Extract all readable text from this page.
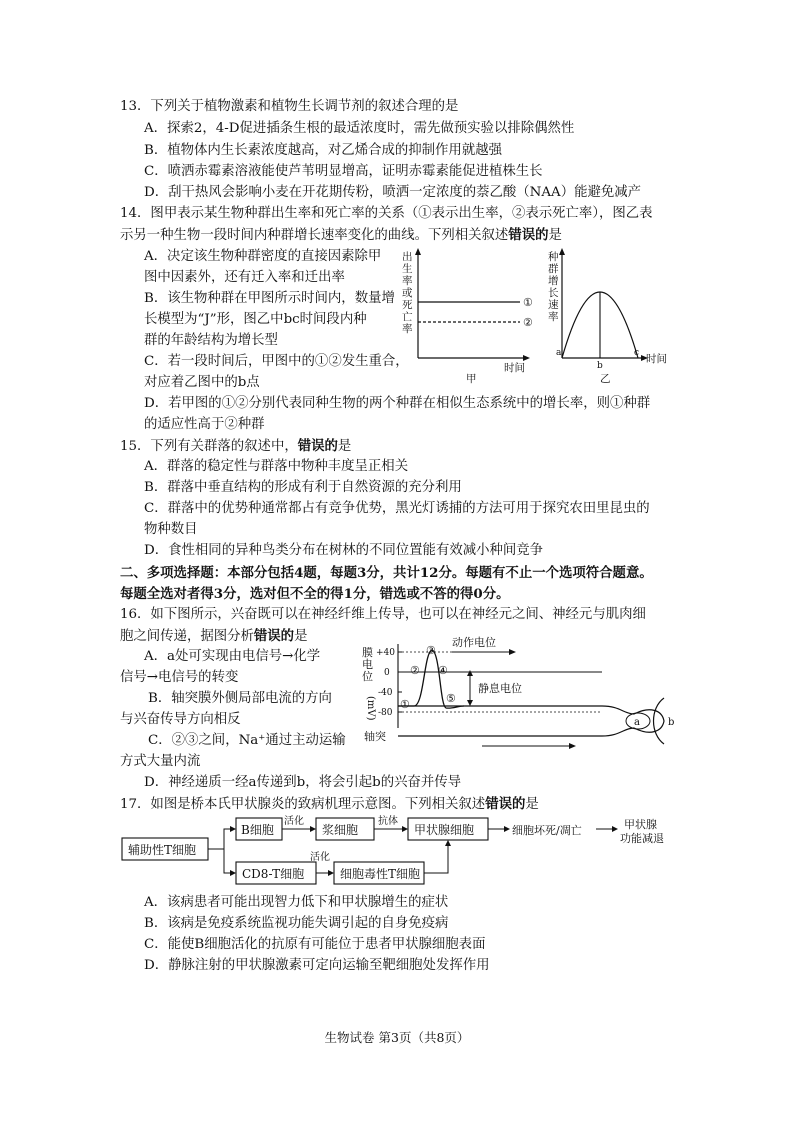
13．下列关于植物激素和植物生长调节剂的叙述合理的是
A．探索2，4-D促进插条生根的最适浓度时，需先做预实验以排除偶然性
B．植物体内生长素浓度越高，对乙烯合成的抑制作用就越强
C．喷洒赤霉素溶液能使芦苇明显增高，证明赤霉素能促进植株生长
D．刮干热风会影响小麦在开花期传粉，喷洒一定浓度的萘乙酸（NAA）能避免减产
14．图甲表示某生物种群出生率和死亡率的关系（①表示出生率，②表示死亡率），图乙表
示另一种生物一段时间内种群增长速率变化的曲线。下列相关叙述错误的是
A．决定该生物种群密度的直接因素除甲
图中因素外，还有迁入率和迁出率
B．该生物种群在甲图所示时间内，数量增
长模型为“J”形，图乙中bc时间段内种
群的年龄结构为增长型
C．若一段时间后，甲图中的①②发生重合，
对应着乙图中的b点
D．若甲图的①②分别代表同种生物的两个种群在相似生态系统中的增长率，则①种群
的适应性高于②种群
出
生
率
或
死
亡
率
①
②
时间
甲
种
群
增
长
速
率
a
b
c 时间
乙
15．下列有关群落的叙述中，错误的是
A．群落的稳定性与群落中物种丰度呈正相关
B．群落中垂直结构的形成有利于自然资源的充分利用
C．群落中的优势种通常都占有竞争优势，黑光灯诱捕的方法可用于探究农田里昆虫的
物种数目
D．食性相同的异种鸟类分布在树林的不同位置能有效减小种间竞争
二、多项选择题：本部分包括4题，每题3分，共计12分。每题有不止一个选项符合题意。
每题全选对者得3分，选对但不全的得1分，错选或不答的得0分。
16．如下图所示，兴奋既可以在神经纤维上传导，也可以在神经元之间、神经元与肌肉细
胞之间传递，据图分析错误的是
A．a处可实现由电信号→化学
信号→电信号的转变
B．轴突膜外侧局部电流的方向
与兴奋传导方向相反
C．②③之间，Na⁺通过主动运输
方式大量内流
D．神经递质一经a传递到b，将会引起b的兴奋并传导
膜
电
位
(mV)
+40
0
-40
-80
①
②
③
④
⑤
动作电位
静息电位
轴突
a	b
17．如图是桥本氏甲状腺炎的致病机理示意图。下列相关叙述错误的是
辅助性T细胞
B细胞	浆细胞	甲状腺细胞
CD8-T细胞	细胞毒性T细胞
活化	抗体
活化
细胞坏死/凋亡	甲状腺
功能减退
A．该病患者可能出现智力低下和甲状腺增生的症状
B．该病是免疫系统监视功能失调引起的自身免疫病
C．能使B细胞活化的抗原有可能位于患者甲状腺细胞表面
D．静脉注射的甲状腺激素可定向运输至靶细胞处发挥作用
生物试卷 第3页（共8页）
